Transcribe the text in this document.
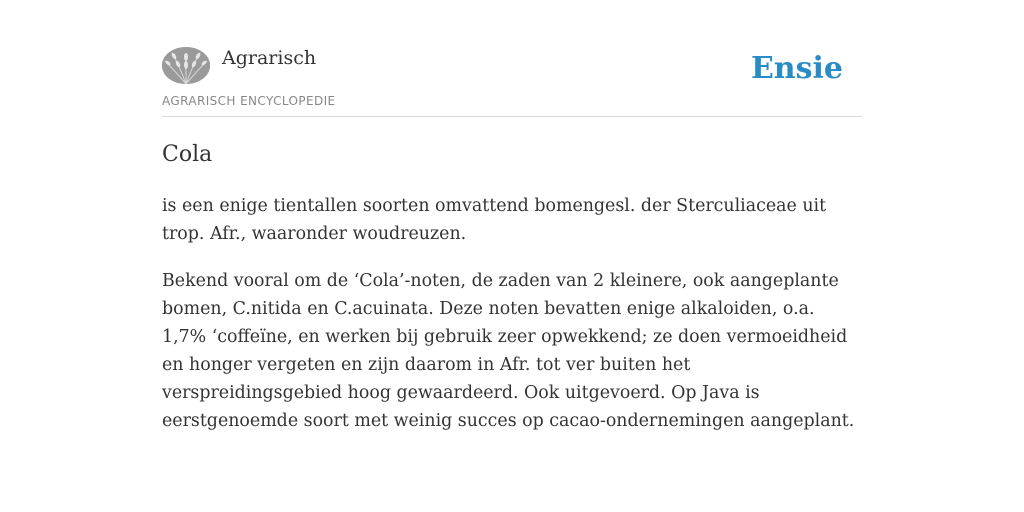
Agrarisch
AGRARISCH ENCYCLOPEDIE
Ensie
Cola

is een enige tientallen soorten omvattend bomengesl. der Sterculiaceae uit trop. Afr., waaronder woudreuzen.

Bekend vooral om de ‘Cola’-noten, de zaden van 2 kleinere, ook aangeplante bomen, C.nitida en C.acuinata. Deze noten bevatten enige alkaloiden, o.a. 1,7% ‘coffeïne, en werken bij gebruik zeer opwekkend; ze doen vermoeidheid en honger vergeten en zijn daarom in Afr. tot ver buiten het verspreidingsgebied hoog gewaardeerd. Ook uitgevoerd. Op Java is eerstgenoemde soort met weinig succes op cacao-ondernemingen aangeplant.
